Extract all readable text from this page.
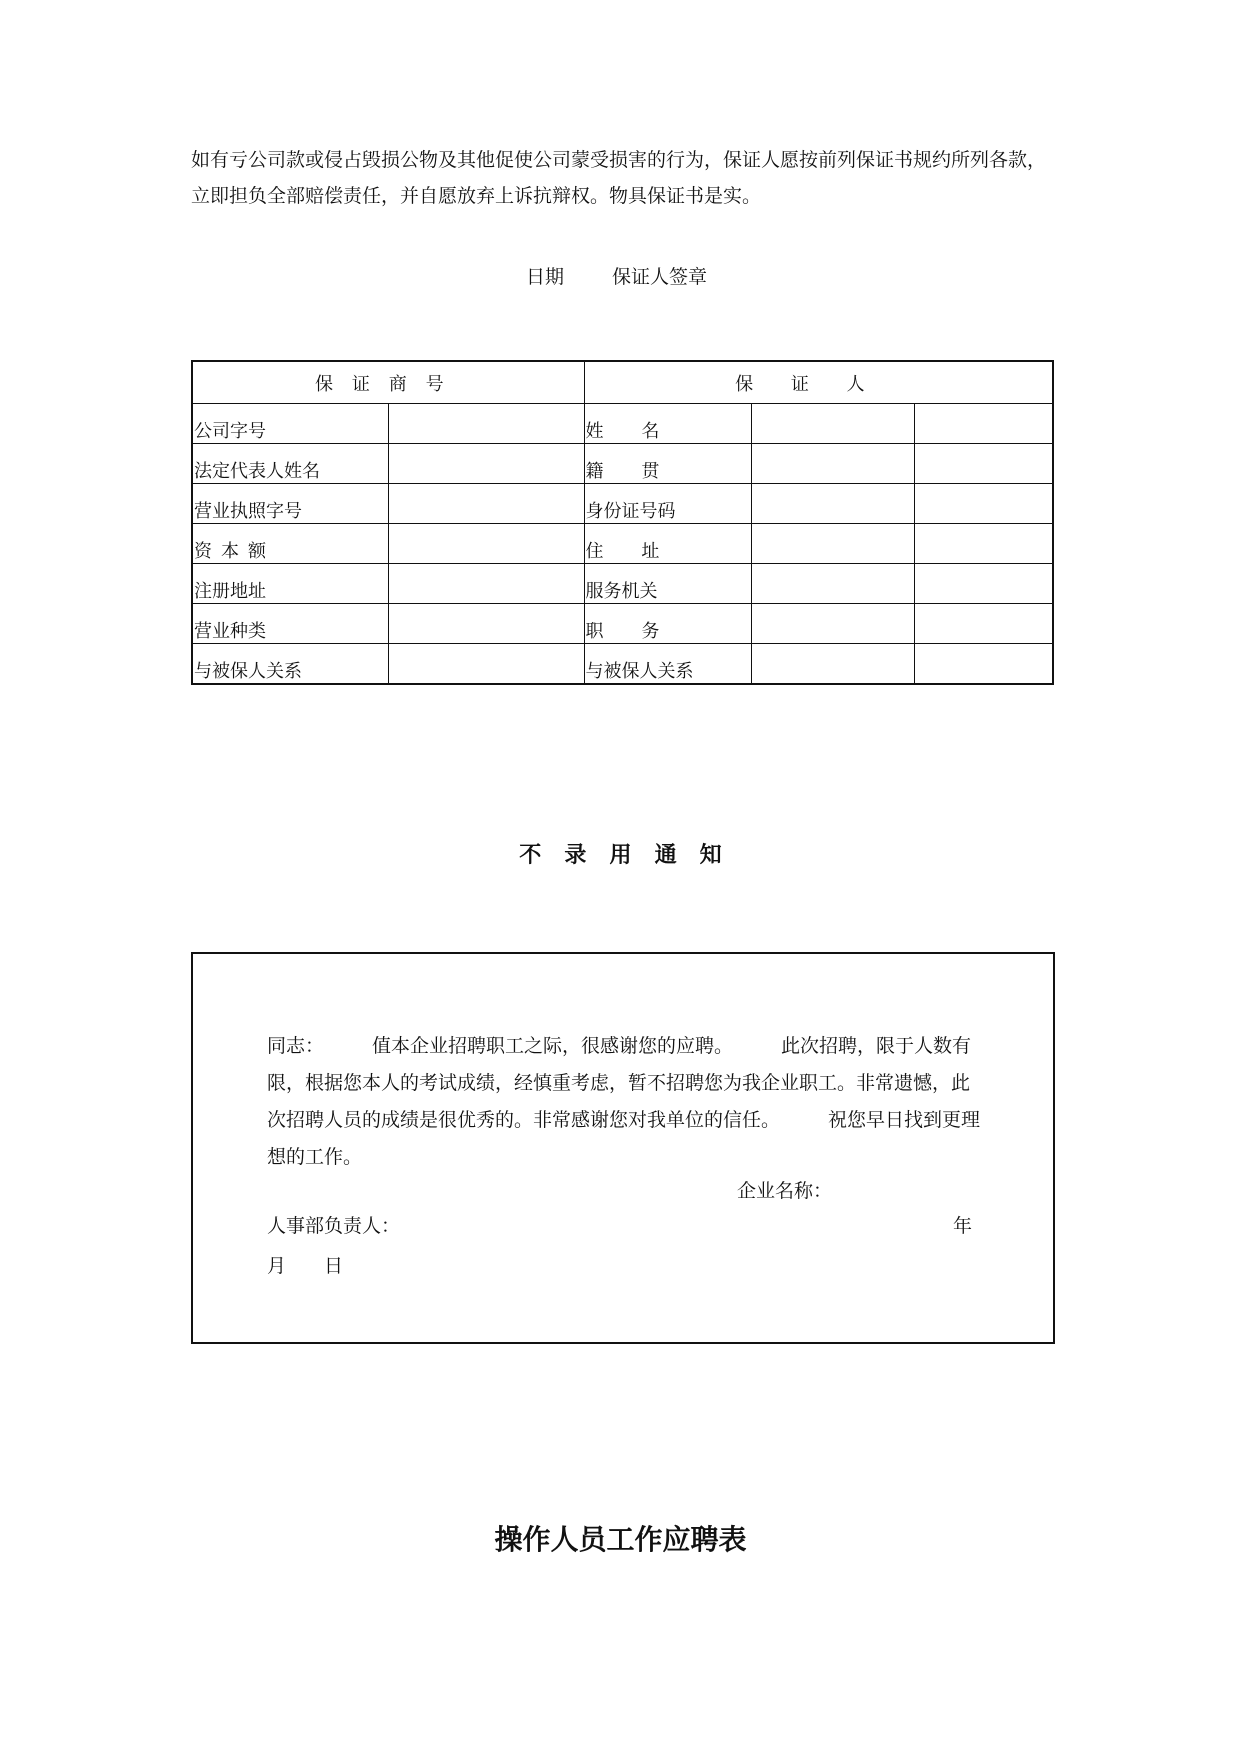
如有亏公司款或侵占毁损公物及其他促使公司蒙受损害的行为，保证人愿按前列保证书规约所列各款，立即担负全部赔偿责任，并自愿放弃上诉抗辩权。物具保证书是实。

日期	保证人签章
保证商号		保证人		
公司字号		姓名		
法定代表人姓名		籍贯		
营业执照字号		身份证号码		
资本额		住址		
注册地址		服务机关		
营业种类		职务		
与被保人关系		与被保人关系		
不录用通知

同志：	值本企业招聘职工之际，很感谢您的应聘。	此次招聘，限于人数有限，根据您本人的考试成绩，经慎重考虑，暂不招聘您为我企业职工。非常遗憾，此次招聘人员的成绩是很优秀的。非常感谢您对我单位的信任。	祝您早日找到更理想的工作。

企业名称：
人事部负责人：	年
月 日
操作人员工作应聘表
